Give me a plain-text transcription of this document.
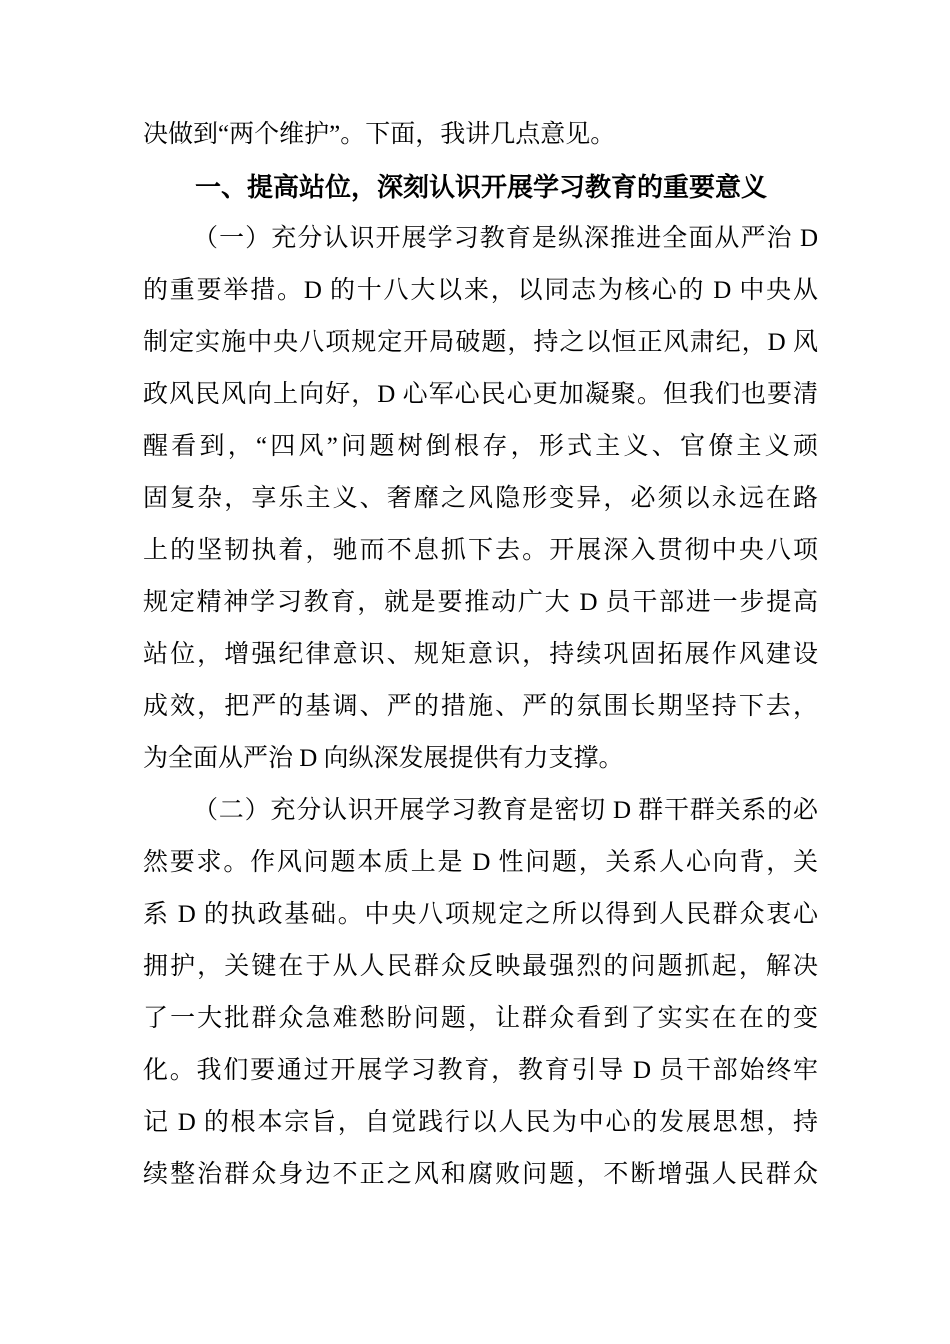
决做到“两个维护”。下面，我讲几点意见。
一、提高站位，深刻认识开展学习教育的重要意义
（一）充分认识开展学习教育是纵深推进全面从严治 D
的重要举措。D 的十八大以来，以同志为核心的 D 中央从
制定实施中央八项规定开局破题，持之以恒正风肃纪，D 风
政风民风向上向好，D 心军心民心更加凝聚。但我们也要清
醒看到，“四风”问题树倒根存，形式主义、官僚主义顽
固复杂，享乐主义、奢靡之风隐形变异，必须以永远在路
上的坚韧执着，驰而不息抓下去。开展深入贯彻中央八项
规定精神学习教育，就是要推动广大 D 员干部进一步提高
站位，增强纪律意识、规矩意识，持续巩固拓展作风建设
成效，把严的基调、严的措施、严的氛围长期坚持下去，
为全面从严治 D 向纵深发展提供有力支撑。
（二）充分认识开展学习教育是密切 D 群干群关系的必
然要求。作风问题本质上是 D 性问题，关系人心向背，关
系 D 的执政基础。中央八项规定之所以得到人民群众衷心
拥护，关键在于从人民群众反映最强烈的问题抓起，解决
了一大批群众急难愁盼问题，让群众看到了实实在在的变
化。我们要通过开展学习教育，教育引导 D 员干部始终牢
记 D 的根本宗旨，自觉践行以人民为中心的发展思想，持
续整治群众身边不正之风和腐败问题，不断增强人民群众
